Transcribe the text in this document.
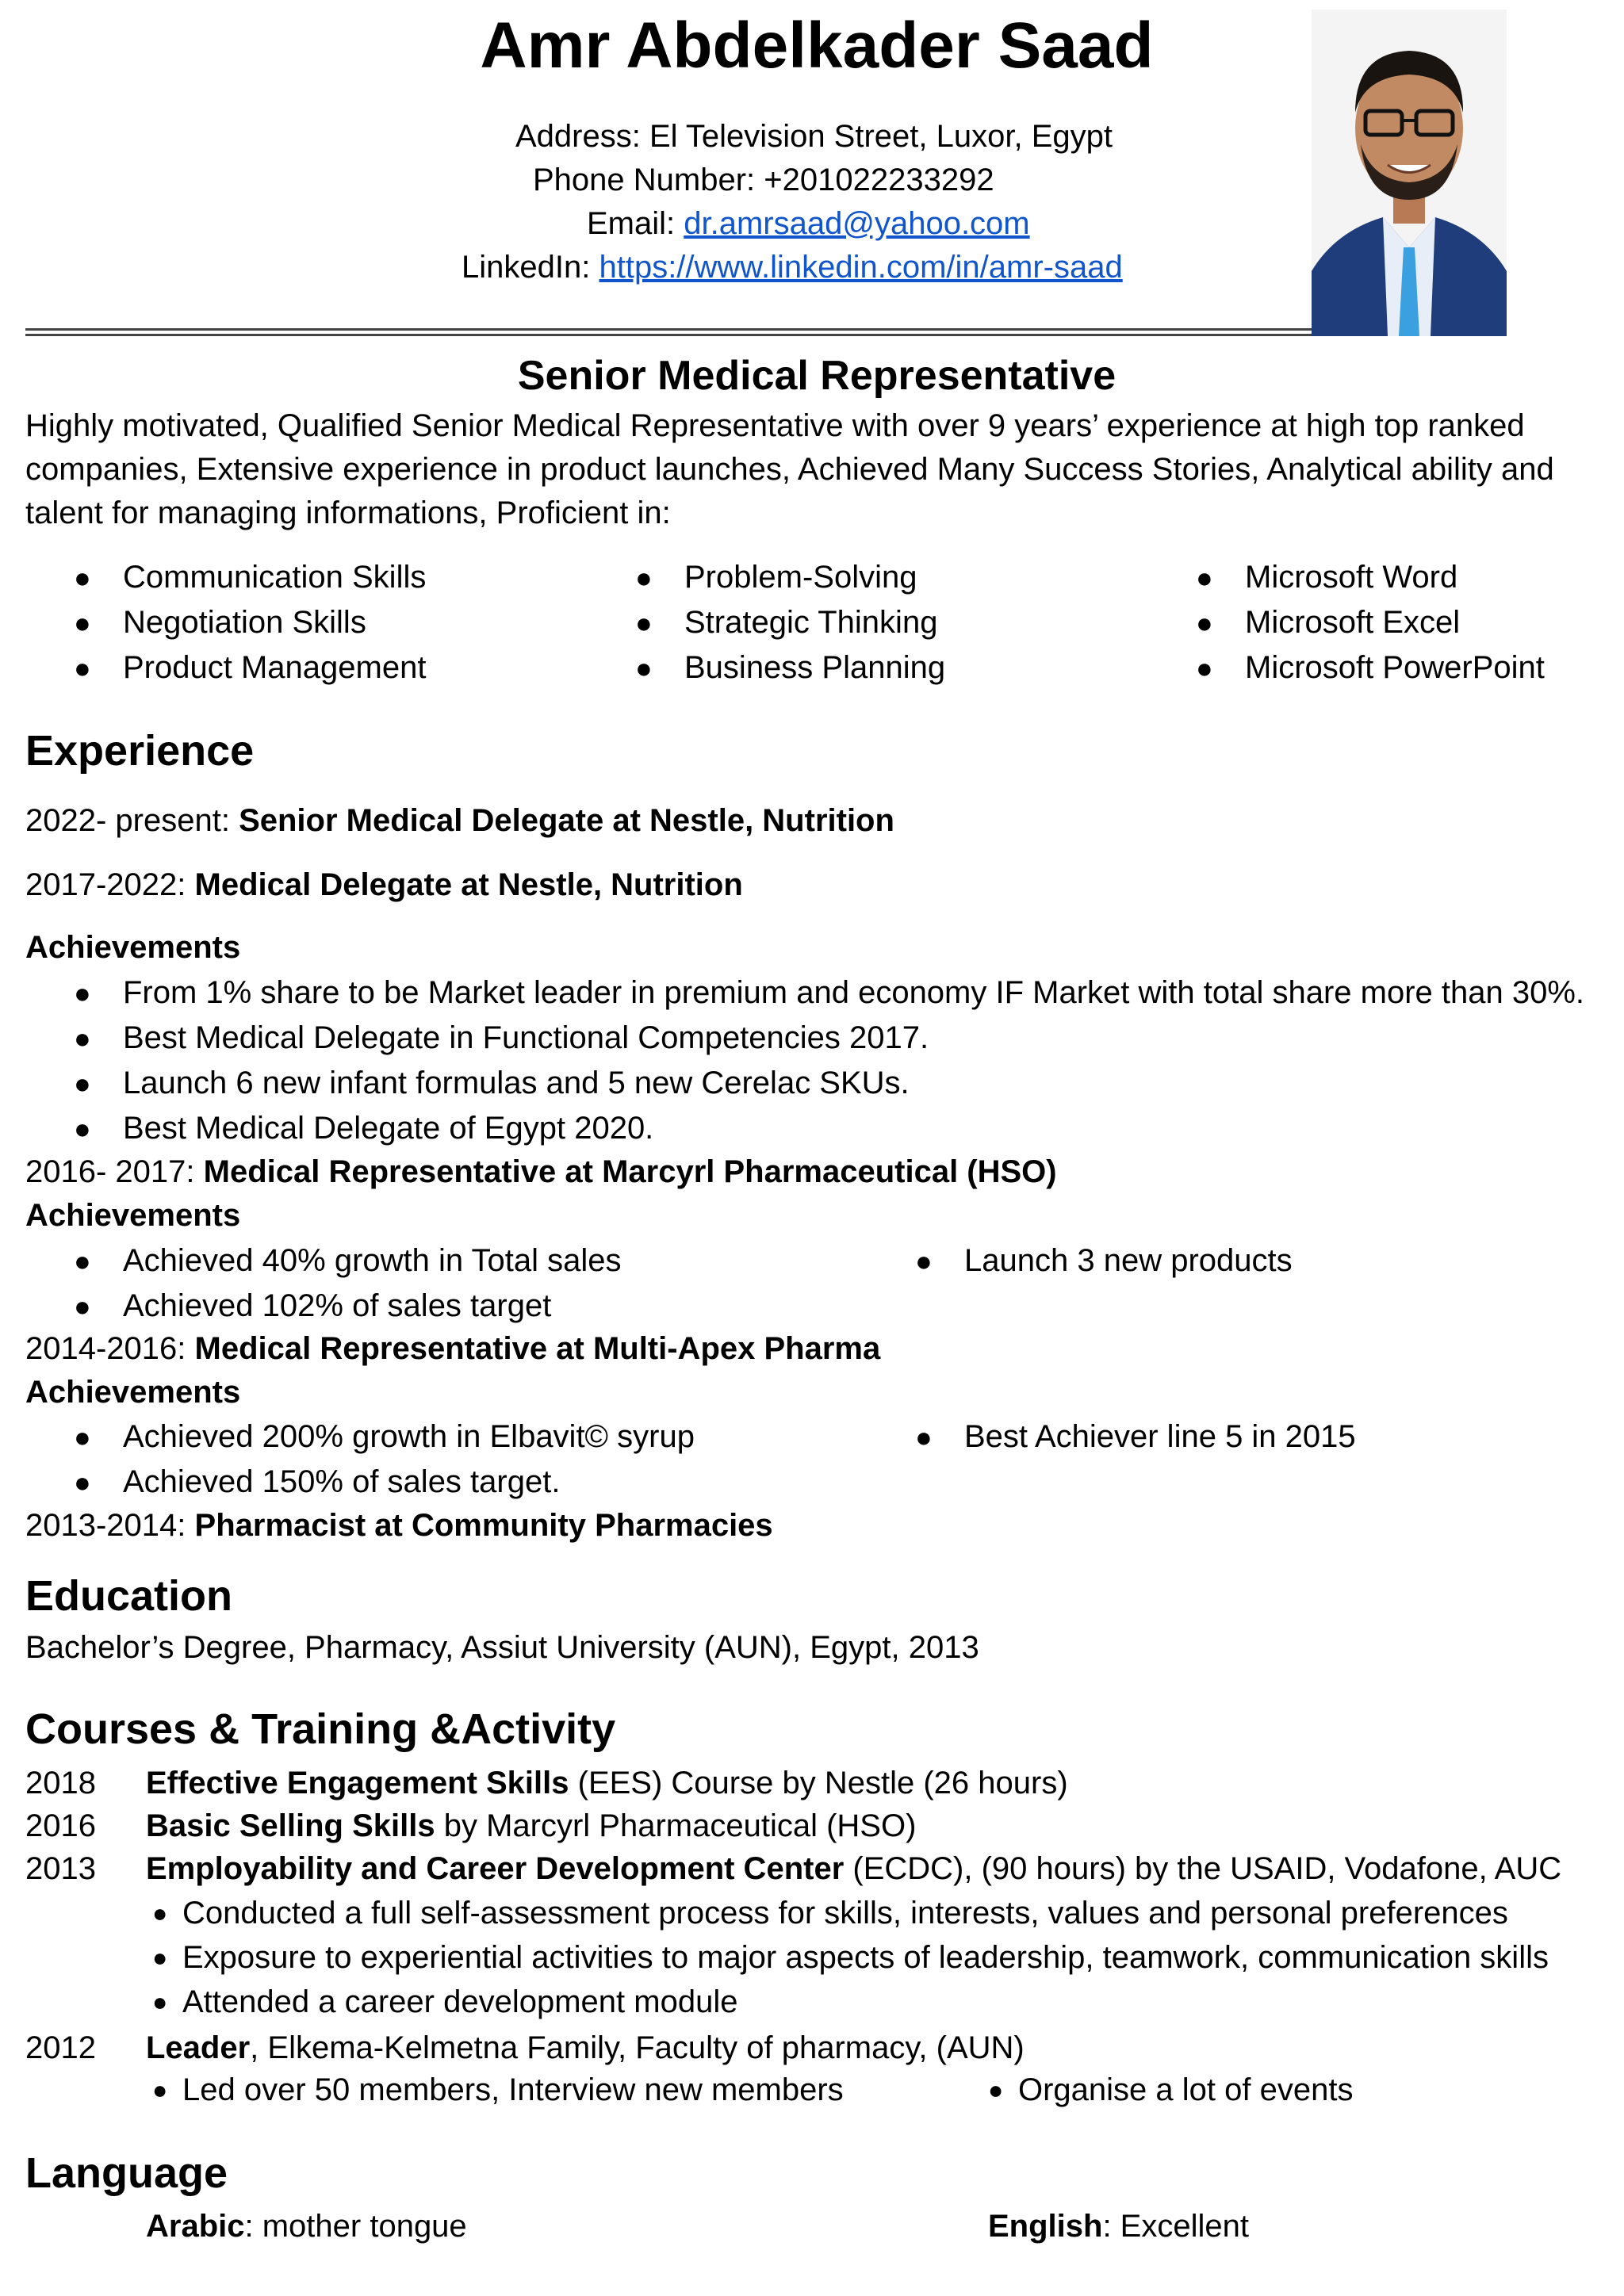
Amr Abdelkader Saad
Address: El Television Street, Luxor, Egypt
Phone Number: +201022233292
Email: dr.amrsaad@yahoo.com
LinkedIn: https://www.linkedin.com/in/amr-saad
Senior Medical Representative
Highly motivated, Qualified Senior Medical Representative with over 9 years’ experience at high top ranked companies, Extensive experience in product launches, Achieved Many Success Stories, Analytical ability and talent for managing informations, Proficient in:
● Communication Skills
● Negotiation Skills
● Product Management
● Problem-Solving
● Strategic Thinking
● Business Planning
● Microsoft Word
● Microsoft Excel
● Microsoft PowerPoint
Experience
2022- present: Senior Medical Delegate at Nestle, Nutrition
2017-2022: Medical Delegate at Nestle, Nutrition
Achievements
● From 1% share to be Market leader in premium and economy IF Market with total share more than 30%.
● Best Medical Delegate in Functional Competencies 2017.
● Launch 6 new infant formulas and 5 new Cerelac SKUs.
● Best Medical Delegate of Egypt 2020.
2016- 2017: Medical Representative at Marcyrl Pharmaceutical (HSO)
Achievements
● Achieved 40% growth in Total sales
● Achieved 102% of sales target
● Launch 3 new products
2014-2016: Medical Representative at Multi-Apex Pharma
Achievements
● Achieved 200% growth in Elbavit© syrup
● Achieved 150% of sales target.
● Best Achiever line 5 in 2015
2013-2014: Pharmacist at Community Pharmacies
Education
Bachelor’s Degree, Pharmacy, Assiut University (AUN), Egypt, 2013
Courses & Training &Activity
2018 Effective Engagement Skills (EES) Course by Nestle (26 hours)
2016 Basic Selling Skills by Marcyrl Pharmaceutical (HSO)
2013 Employability and Career Development Center (ECDC), (90 hours) by the USAID, Vodafone, AUC
● Conducted a full self-assessment process for skills, interests, values and personal preferences
● Exposure to experiential activities to major aspects of leadership, teamwork, communication skills
● Attended a career development module
2012 Leader, Elkema-Kelmetna Family, Faculty of pharmacy, (AUN)
● Led over 50 members, Interview new members	● Organise a lot of events
Language
Arabic: mother tongue	English: Excellent
